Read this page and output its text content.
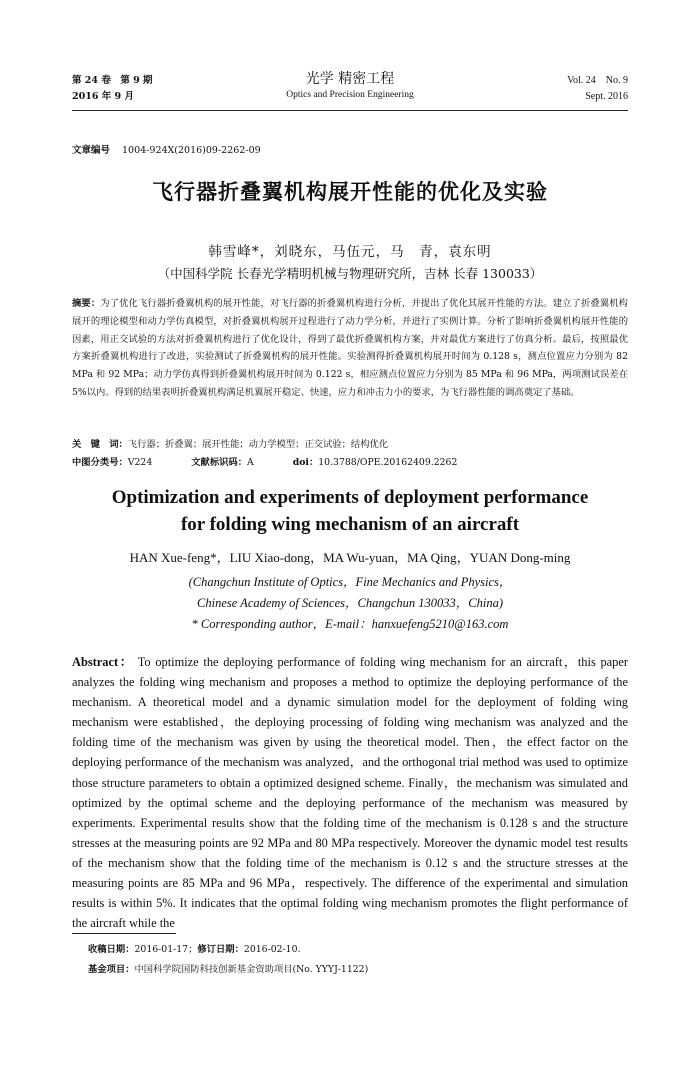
第 24 卷　第 9 期
2016 年 9 月
光学 精密工程
Optics and Precision Engineering
Vol. 24　No. 9
Sept. 2016
文章编号 1004-924X(2016)09-2262-09
飞行器折叠翼机构展开性能的优化及实验
韩雪峰*，刘晓东，马伍元，马　青，袁东明
（中国科学院 长春光学精明机械与物理研究所，吉林 长春 130033）
摘要：为了优化飞行器折叠翼机构的展开性能，对飞行器的折叠翼机构进行分析，并提出了优化其展开性能的方法。建立了折叠翼机构展开的理论模型和动力学仿真模型，对折叠翼机构展开过程进行了动力学分析，并进行了实例计算。分析了影响折叠翼机构展开性能的因素，用正交试验的方法对折叠翼机构进行了优化设计，得到了最优折叠翼机构方案，并对最优方案进行了仿真分析。最后，按照最优方案折叠翼机构进行了改进，实验测试了折叠翼机构的展开性能。实验测得折叠翼机构展开时间为 0.128 s，测点位置应力分别为 82 MPa 和 92 MPa；动力学仿真得到折叠翼机构展开时间为 0.122 s，相应测点位置应力分别为 85 MPa 和 96 MPa，两项测试误差在 5%以内。得到的结果表明折叠翼机构满足机翼展开稳定、快速，应力和冲击力小的要求，为飞行器性能的调高奠定了基础。
关　键　词：飞行器；折叠翼；展开性能；动力学模型；正交试验；结构优化
中图分类号：V224	文献标识码：A	doi：10.3788/OPE.20162409.2262
Optimization and experiments of deployment performance
for folding wing mechanism of an aircraft
HAN Xue-feng*，LIU Xiao-dong，MA Wu-yuan，MA Qing，YUAN Dong-ming
(Changchun Institute of Optics，Fine Mechanics and Physics，
Chinese Academy of Sciences，Changchun 130033，China)
* Corresponding author，E-mail：hanxuefeng5210@163.com
Abstract： To optimize the deploying performance of folding wing mechanism for an aircraft，this paper analyzes the folding wing mechanism and proposes a method to optimize the deploying performance of the mechanism. A theoretical model and a dynamic simulation model for the deployment of folding wing mechanism were established，the deploying processing of folding wing mechanism was analyzed and the folding time of the mechanism was given by using the theoretical model. Then，the effect factor on the deploying performance of the mechanism was analyzed，and the orthogonal trial method was used to optimize those structure parameters to obtain a optimized designed scheme. Finally，the mechanism was simulated and optimized by the optimal scheme and the deploying performance of the mechanism was measured by experiments. Experimental results show that the folding time of the mechanism is 0.128 s and the structure stresses at the measuring points are 92 MPa and 80 MPa respectively. Moreover the dynamic model test results of the mechanism show that the folding time of the mechanism is 0.12 s and the structure stresses at the measuring points are 85 MPa and 96 MPa，respectively. The difference of the experimental and simulation results is within 5%. It indicates that the optimal folding wing mechanism promotes the flight performance of the aircraft while the
收稿日期：2016-01-17；修订日期：2016-02-10.
基金项目：中国科学院国防科技创新基金资助项目(No. YYYJ-1122)
